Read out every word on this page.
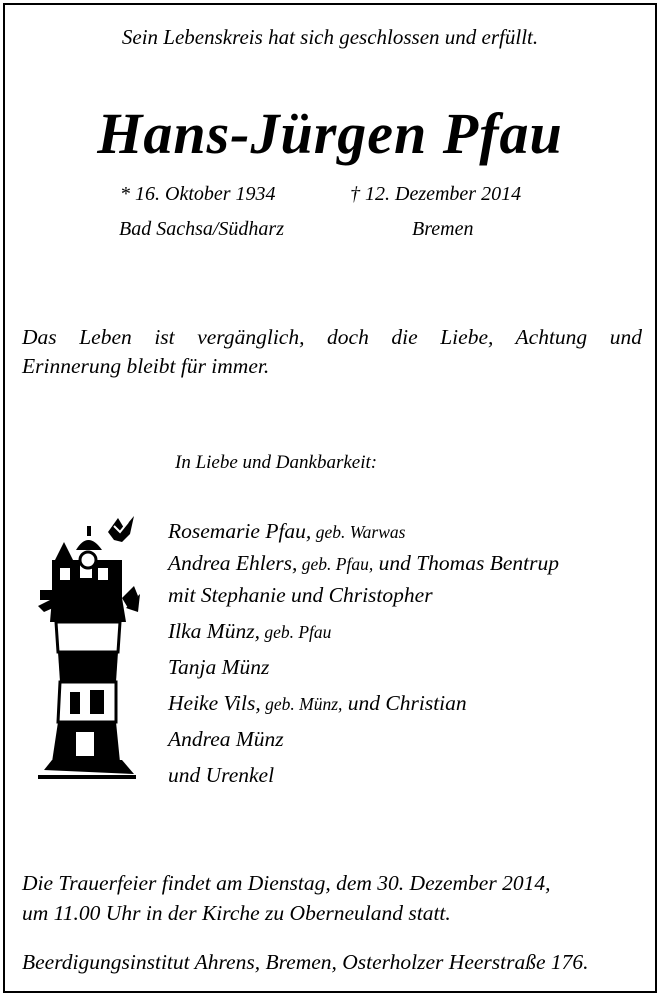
Sein Lebenskreis hat sich geschlossen und erfüllt.
Hans-Jürgen Pfau
* 16. Oktober 1934	† 12. Dezember 2014
Bad Sachsa/Südharz	Bremen
Das Leben ist vergänglich, doch die Liebe, Achtung und
Erinnerung bleibt für immer.
In Liebe und Dankbarkeit:
Rosemarie Pfau, geb. Warwas
Andrea Ehlers, geb. Pfau, und Thomas Bentrup
mit Stephanie und Christopher
Ilka Münz, geb. Pfau
Tanja Münz
Heike Vils, geb. Münz, und Christian
Andrea Münz
und Urenkel
Die Trauerfeier findet am Dienstag, dem 30. Dezember 2014,
um 11.00 Uhr in der Kirche zu Oberneuland statt.
Beerdigungsinstitut Ahrens, Bremen, Osterholzer Heerstraße 176.
